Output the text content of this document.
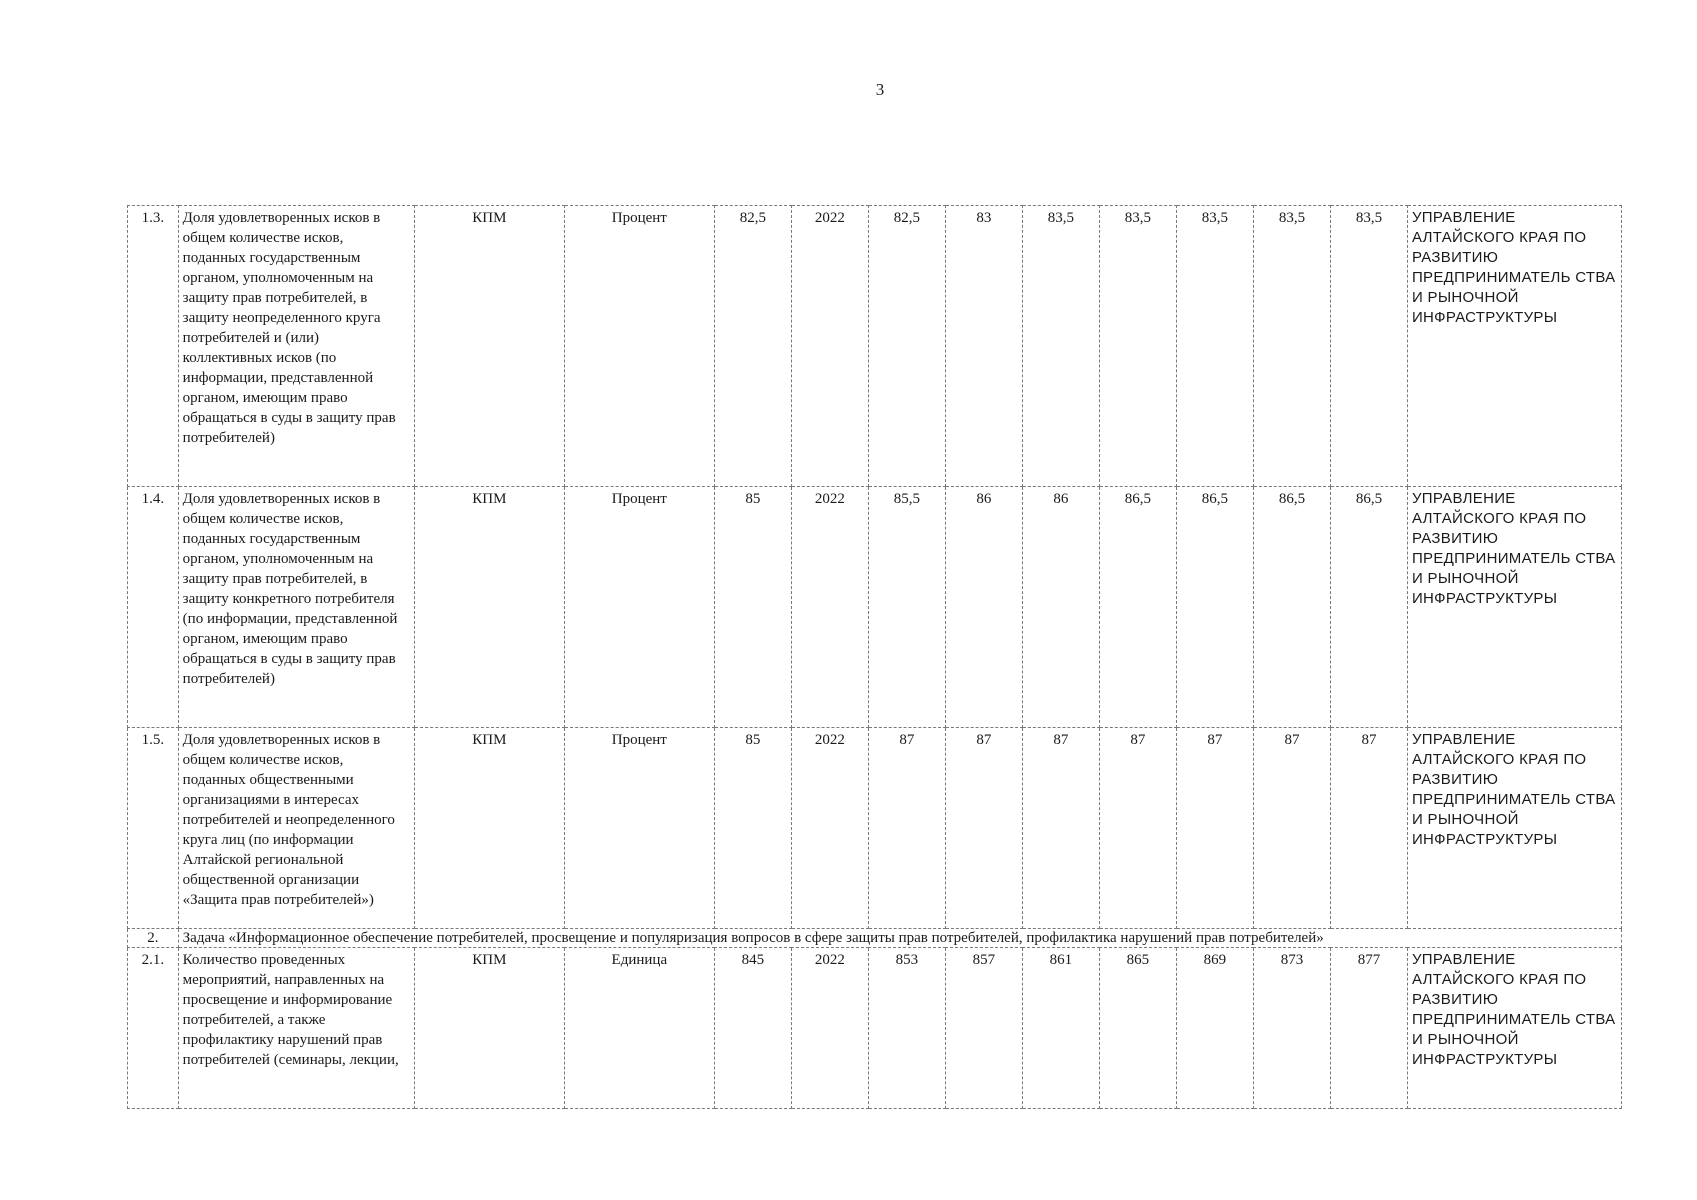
3
1.3.	Доля удовлетворенных исков в общем количестве исков, поданных государственным органом, уполномоченным на защиту прав потребителей, в защиту неопределенного круга потребителей и (или) коллективных исков (по информации, представленной органом, имеющим право обращаться в суды в защиту прав потребителей)	КПМ	Процент	82,5	2022	82,5	83	83,5	83,5	83,5	83,5	83,5	УПРАВЛЕНИЕ АЛТАЙСКОГО КРАЯ ПО РАЗВИТИЮ ПРЕДПРИНИМАТЕЛЬ СТВА И РЫНОЧНОЙ ИНФРАСТРУКТУРЫ
1.4.	Доля удовлетворенных исков в общем количестве исков, поданных государственным органом, уполномоченным на защиту прав потребителей, в защиту конкретного потребителя (по информации, представленной органом, имеющим право обращаться в суды в защиту прав потребителей)	КПМ	Процент	85	2022	85,5	86	86	86,5	86,5	86,5	86,5	УПРАВЛЕНИЕ АЛТАЙСКОГО КРАЯ ПО РАЗВИТИЮ ПРЕДПРИНИМАТЕЛЬ СТВА И РЫНОЧНОЙ ИНФРАСТРУКТУРЫ
1.5.	Доля удовлетворенных исков в общем количестве исков, поданных общественными организациями в интересах потребителей и неопределенного круга лиц (по информации Алтайской региональной общественной организации «Защита прав потребителей»)	КПМ	Процент	85	2022	87	87	87	87	87	87	87	УПРАВЛЕНИЕ АЛТАЙСКОГО КРАЯ ПО РАЗВИТИЮ ПРЕДПРИНИМАТЕЛЬ СТВА И РЫНОЧНОЙ ИНФРАСТРУКТУРЫ
2.	Задача «Информационное обеспечение потребителей, просвещение и популяризация вопросов в сфере защиты прав потребителей, профилактика нарушений прав потребителей»												
2.1.	Количество проведенных мероприятий, направленных на просвещение и информирование потребителей, а также профилактику нарушений прав потребителей (семинары, лекции,	КПМ	Единица	845	2022	853	857	861	865	869	873	877	УПРАВЛЕНИЕ АЛТАЙСКОГО КРАЯ ПО РАЗВИТИЮ ПРЕДПРИНИМАТЕЛЬ СТВА И РЫНОЧНОЙ ИНФРАСТРУКТУРЫ
